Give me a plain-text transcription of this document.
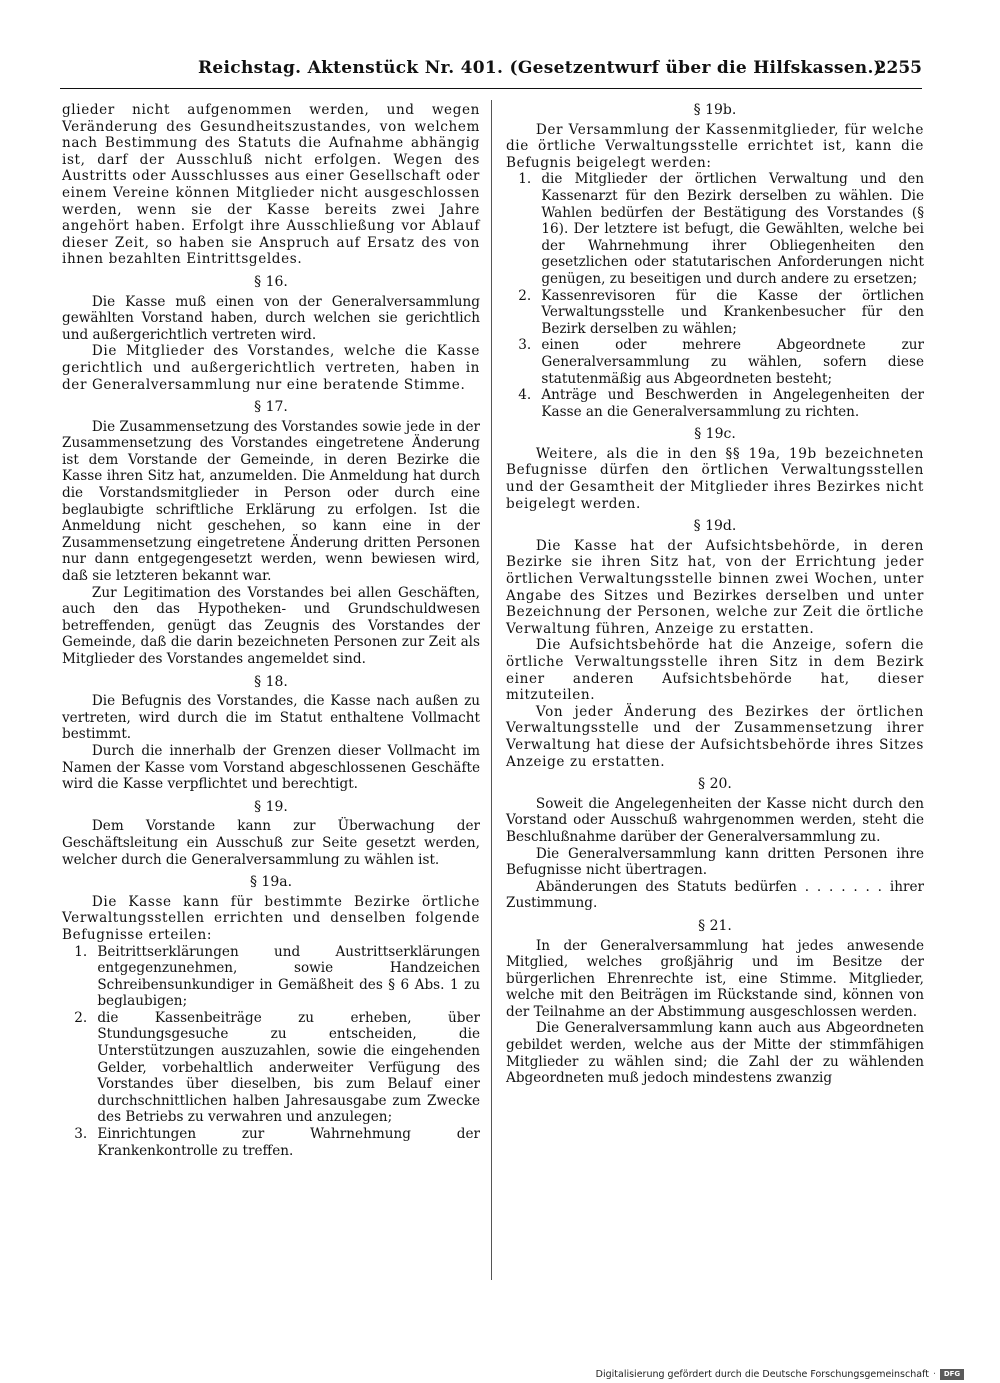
Reichstag. Aktenstück Nr. 401. (Gesetzentwurf über die Hilfskassen.)
2255

glieder nicht aufgenommen werden, und wegen Veränderung des Gesundheitszustandes, von welchem nach Bestimmung des Statuts die Aufnahme abhängig ist, darf der Ausschluß nicht erfolgen. Wegen des Austritts oder Ausschlusses aus einer Gesellschaft oder einem Vereine können Mitglieder nicht ausgeschlossen werden, wenn sie der Kasse bereits zwei Jahre angehört haben. Erfolgt ihre Ausschließung vor Ablauf dieser Zeit, so haben sie Anspruch auf Ersatz des von ihnen bezahlten Eintrittsgeldes.

§ 16.

Die Kasse muß einen von der Generalversammlung gewählten Vorstand haben, durch welchen sie gerichtlich und außergerichtlich vertreten wird.

Die Mitglieder des Vorstandes, welche die Kasse gerichtlich und außergerichtlich vertreten, haben in der Generalversammlung nur eine beratende Stimme.

§ 17.

Die Zusammensetzung des Vorstandes sowie jede in der Zusammensetzung des Vorstandes eingetretene Änderung ist dem Vorstande der Gemeinde, in deren Bezirke die Kasse ihren Sitz hat, anzumelden. Die Anmeldung hat durch die Vorstandsmitglieder in Person oder durch eine beglaubigte schriftliche Erklärung zu erfolgen. Ist die Anmeldung nicht geschehen, so kann eine in der Zusammensetzung eingetretene Änderung dritten Personen nur dann entgegengesetzt werden, wenn bewiesen wird, daß sie letzteren bekannt war.

Zur Legitimation des Vorstandes bei allen Geschäften, auch den das Hypotheken- und Grundschuldwesen betreffenden, genügt das Zeugnis des Vorstandes der Gemeinde, daß die darin bezeichneten Personen zur Zeit als Mitglieder des Vorstandes angemeldet sind.

§ 18.

Die Befugnis des Vorstandes, die Kasse nach außen zu vertreten, wird durch die im Statut enthaltene Vollmacht bestimmt.

Durch die innerhalb der Grenzen dieser Vollmacht im Namen der Kasse vom Vorstand abgeschlossenen Geschäfte wird die Kasse verpflichtet und berechtigt.

§ 19.

Dem Vorstande kann zur Überwachung der Geschäftsleitung ein Ausschuß zur Seite gesetzt werden, welcher durch die Generalversammlung zu wählen ist.

§ 19a.

Die Kasse kann für bestimmte Bezirke örtliche Verwaltungsstellen errichten und denselben folgende Befugnisse erteilen:

1. Beitrittserklärungen und Austrittserklärungen entgegenzunehmen, sowie Handzeichen Schreibensunkundiger in Gemäßheit des § 6 Abs. 1 zu beglaubigen;
2. die Kassenbeiträge zu erheben, über Stundungsgesuche zu entscheiden, die Unterstützungen auszuzahlen, sowie die eingehenden Gelder, vorbehaltlich anderweiter Verfügung des Vorstandes über dieselben, bis zum Belauf einer durchschnittlichen halben Jahresausgabe zum Zwecke des Betriebs zu verwahren und anzulegen;
3. Einrichtungen zur Wahrnehmung der Krankenkontrolle zu treffen.
§ 19b.

Der Versammlung der Kassenmitglieder, für welche die örtliche Verwaltungsstelle errichtet ist, kann die Befugnis beigelegt werden:

1. die Mitglieder der örtlichen Verwaltung und den Kassenarzt für den Bezirk derselben zu wählen. Die Wahlen bedürfen der Bestätigung des Vorstandes (§ 16). Der letztere ist befugt, die Gewählten, welche bei der Wahrnehmung ihrer Obliegenheiten den gesetzlichen oder statutarischen Anforderungen nicht genügen, zu beseitigen und durch andere zu ersetzen;
2. Kassenrevisoren für die Kasse der örtlichen Verwaltungsstelle und Krankenbesucher für den Bezirk derselben zu wählen;
3. einen oder mehrere Abgeordnete zur Generalversammlung zu wählen, sofern diese statutenmäßig aus Abgeordneten besteht;
4. Anträge und Beschwerden in Angelegenheiten der Kasse an die Generalversammlung zu richten.
§ 19c.

Weitere, als die in den §§ 19a, 19b bezeichneten Befugnisse dürfen den örtlichen Verwaltungsstellen und der Gesamtheit der Mitglieder ihres Bezirkes nicht beigelegt werden.

§ 19d.

Die Kasse hat der Aufsichtsbehörde, in deren Bezirke sie ihren Sitz hat, von der Errichtung jeder örtlichen Verwaltungsstelle binnen zwei Wochen, unter Angabe des Sitzes und Bezirkes derselben und unter Bezeichnung der Personen, welche zur Zeit die örtliche Verwaltung führen, Anzeige zu erstatten.

Die Aufsichtsbehörde hat die Anzeige, sofern die örtliche Verwaltungsstelle ihren Sitz in dem Bezirk einer anderen Aufsichtsbehörde hat, dieser mitzuteilen.

Von jeder Änderung des Bezirkes der örtlichen Verwaltungsstelle und der Zusammensetzung ihrer Verwaltung hat diese der Aufsichtsbehörde ihres Sitzes Anzeige zu erstatten.

§ 20.

Soweit die Angelegenheiten der Kasse nicht durch den Vorstand oder Ausschuß wahrgenommen werden, steht die Beschlußnahme darüber der Generalversammlung zu.

Die Generalversammlung kann dritten Personen ihre Befugnisse nicht übertragen.

Abänderungen des Statuts bedürfen . . . . . . . ihrer Zustimmung.

§ 21.

In der Generalversammlung hat jedes anwesende Mitglied, welches großjährig und im Besitze der bürgerlichen Ehrenrechte ist, eine Stimme. Mitglieder, welche mit den Beiträgen im Rückstande sind, können von der Teilnahme an der Abstimmung ausgeschlossen werden.

Die Generalversammlung kann auch aus Abgeordneten gebildet werden, welche aus der Mitte der stimmfähigen Mitglieder zu wählen sind; die Zahl der zu wählenden Abgeordneten muß jedoch mindestens zwanzig

Digitalisierung gefördert durch die Deutsche Forschungsgemeinschaft ·	DFG
